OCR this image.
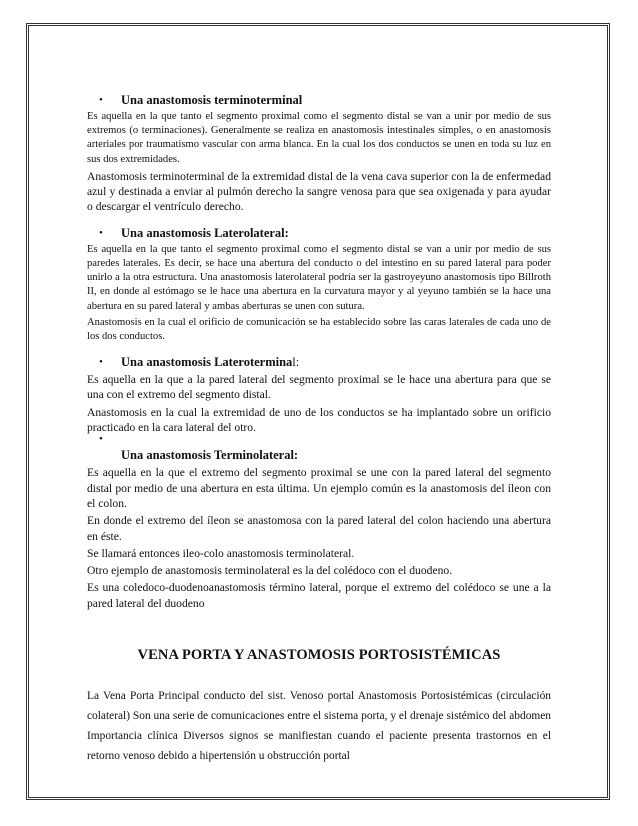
• Una anastomosis terminoterminal

Es aquella en la que tanto el segmento proximal como el segmento distal se van a unir por medio de sus extremos (o terminaciones). Generalmente se realiza en anastomosis intestinales simples, o en anastomosis arteriales por traumatismo vascular con arma blanca. En la cual los dos conductos se unen en toda su luz en sus dos extremidades.

Anastomosis terminoterminal de la extremidad distal de la vena cava superior con la de enfermedad azul y destinada a enviar al pulmón derecho la sangre venosa para que sea oxigenada y para ayudar o descargar el ventrículo derecho.

• Una anastomosis Laterolateral:

Es aquella en la que tanto el segmento proximal como el segmento distal se van a unir por medio de sus paredes laterales. Es decir, se hace una abertura del conducto o del intestino en su pared lateral para poder unirlo a la otra estructura. Una anastomosis laterolateral podría ser la gastroyeyuno anastomosis tipo Billroth II, en donde al estómago se le hace una abertura en la curvatura mayor y al yeyuno también se la hace una abertura en su pared lateral y ambas aberturas se unen con sutura.

Anastomosis en la cual el orificio de comunicación se ha establecido sobre las caras laterales de cada uno de los dos conductos.

• Una anastomosis Lateroterminal:

Es aquella en la que a la pared lateral del segmento proximal se le hace una abertura para que se una con el extremo del segmento distal.

Anastomosis en la cual la extremidad de uno de los conductos se ha implantado sobre un orificio practicado en la cara lateral del otro.

•
Una anastomosis Terminolateral:

Es aquella en la que el extremo del segmento proximal se une con la pared lateral del segmento distal por medio de una abertura en esta última. Un ejemplo común es la anastomosis del íleon con el colon.

En donde el extremo del íleon se anastomosa con la pared lateral del colon haciendo una abertura en éste.

Se llamará entonces ileo-colo anastomosis terminolateral.

Otro ejemplo de anastomosis terminolateral es la del colédoco con el duodeno.

Es una coledoco-duodenoanastomosis término lateral, porque el extremo del colédoco se une a la pared lateral del duodeno

VENA PORTA Y ANASTOMOSIS PORTOSISTÉMICAS

La Vena Porta Principal conducto del sist. Venoso portal Anastomosis Portosistémicas (circulación colateral) Son una serie de comunicaciones entre el sistema porta, y el drenaje sistémico del abdomen Importancia clínica Diversos signos se manifiestan cuando el paciente presenta trastornos en el retorno venoso debido a hipertensión u obstrucción portal
